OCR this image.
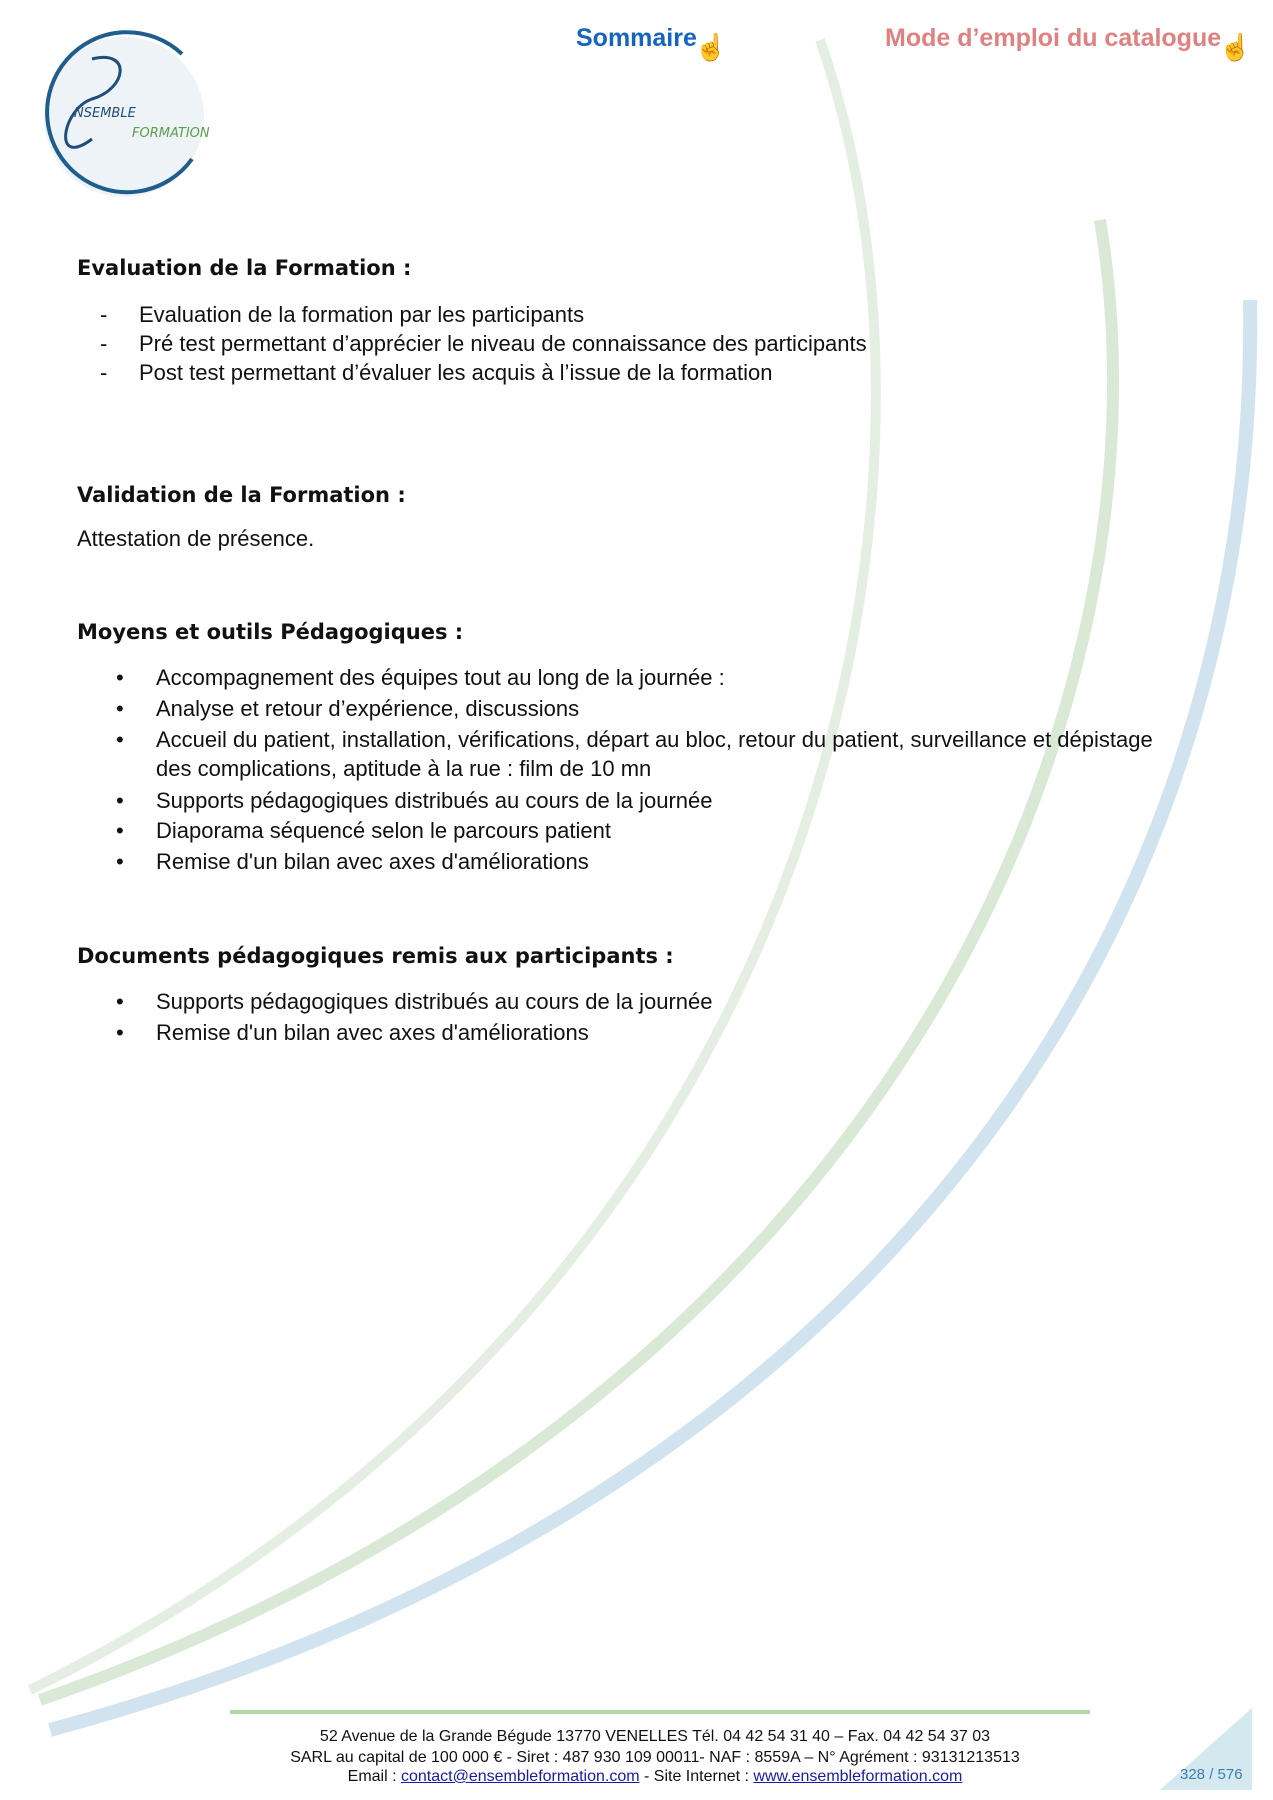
NSEMBLE
FORMATION
Sommaire☝	Mode d’emploi du catalogue☝
Evaluation de la Formation :
- Evaluation de la formation par les participants
- Pré test permettant d’apprécier le niveau de connaissance des participants
- Post test permettant d’évaluer les acquis à l’issue de la formation
Validation de la Formation :
Attestation de présence.
Moyens et outils Pédagogiques :
• Accompagnement des équipes tout au long de la journée :
• Analyse et retour d’expérience, discussions
• Accueil du patient, installation, vérifications, départ au bloc, retour du patient, surveillance et dépistage
des complications, aptitude à la rue : film de 10 mn
• Supports pédagogiques distribués au cours de la journée
• Diaporama séquencé selon le parcours patient
• Remise d'un bilan avec axes d'améliorations
Documents pédagogiques remis aux participants :
• Supports pédagogiques distribués au cours de la journée
• Remise d'un bilan avec axes d'améliorations
52 Avenue de la Grande Bégude 13770 VENELLES Tél. 04 42 54 31 40 – Fax. 04 42 54 37 03
SARL au capital de 100 000 € - Siret : 487 930 109 00011- NAF : 8559A – N° Agrément : 93131213513
Email : contact@ensembleformation.com - Site Internet : www.ensembleformation.com	328 / 576
